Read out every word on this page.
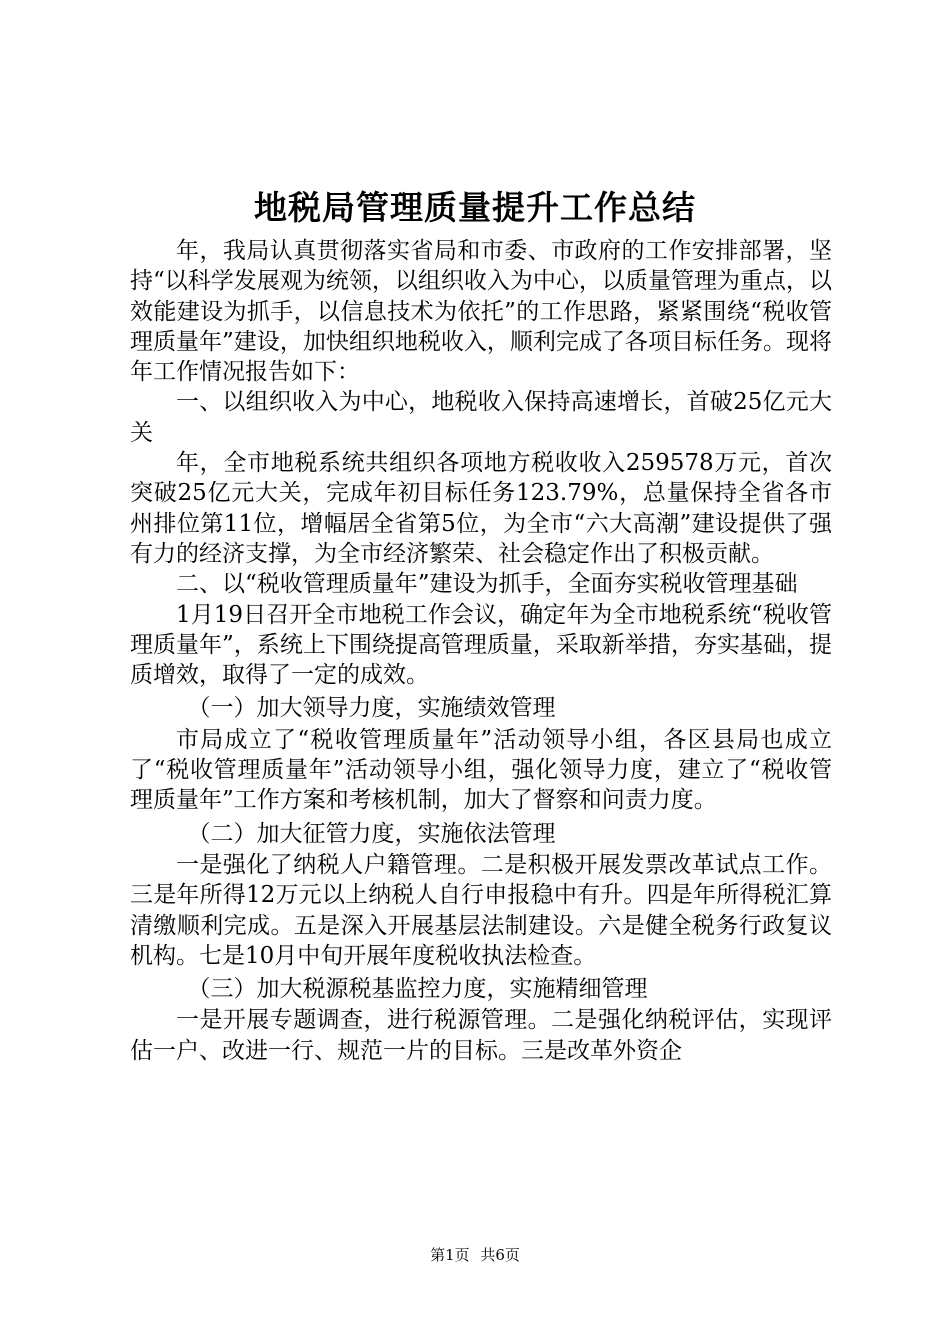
地税局管理质量提升工作总结

年，我局认真贯彻落实省局和市委、市政府的工作安排部署，坚持“以科学发展观为统领，以组织收入为中心，以质量管理为重点，以效能建设为抓手，以信息技术为依托”的工作思路，紧紧围绕“税收管理质量年”建设，加快组织地税收入，顺利完成了各项目标任务。现将年工作情况报告如下：

一、以组织收入为中心，地税收入保持高速增长，首破25亿元大关

年，全市地税系统共组织各项地方税收收入259578万元，首次突破25亿元大关，完成年初目标任务123.79%，总量保持全省各市州排位第11位，增幅居全省第5位，为全市“六大高潮”建设提供了强有力的经济支撑，为全市经济繁荣、社会稳定作出了积极贡献。

二、以“税收管理质量年”建设为抓手，全面夯实税收管理基础

1月19日召开全市地税工作会议，确定年为全市地税系统“税收管理质量年”，系统上下围绕提高管理质量，采取新举措，夯实基础，提质增效，取得了一定的成效。

（一）加大领导力度，实施绩效管理

市局成立了“税收管理质量年”活动领导小组，各区县局也成立了“税收管理质量年”活动领导小组，强化领导力度，建立了“税收管理质量年”工作方案和考核机制，加大了督察和问责力度。

（二）加大征管力度，实施依法管理

一是强化了纳税人户籍管理。二是积极开展发票改革试点工作。三是年所得12万元以上纳税人自行申报稳中有升。四是年所得税汇算清缴顺利完成。五是深入开展基层法制建设。六是健全税务行政复议机构。七是10月中旬开展年度税收执法检查。

（三）加大税源税基监控力度，实施精细管理

一是开展专题调查，进行税源管理。二是强化纳税评估，实现评估一户、改进一行、规范一片的目标。三是改革外资企

第1页 共6页
